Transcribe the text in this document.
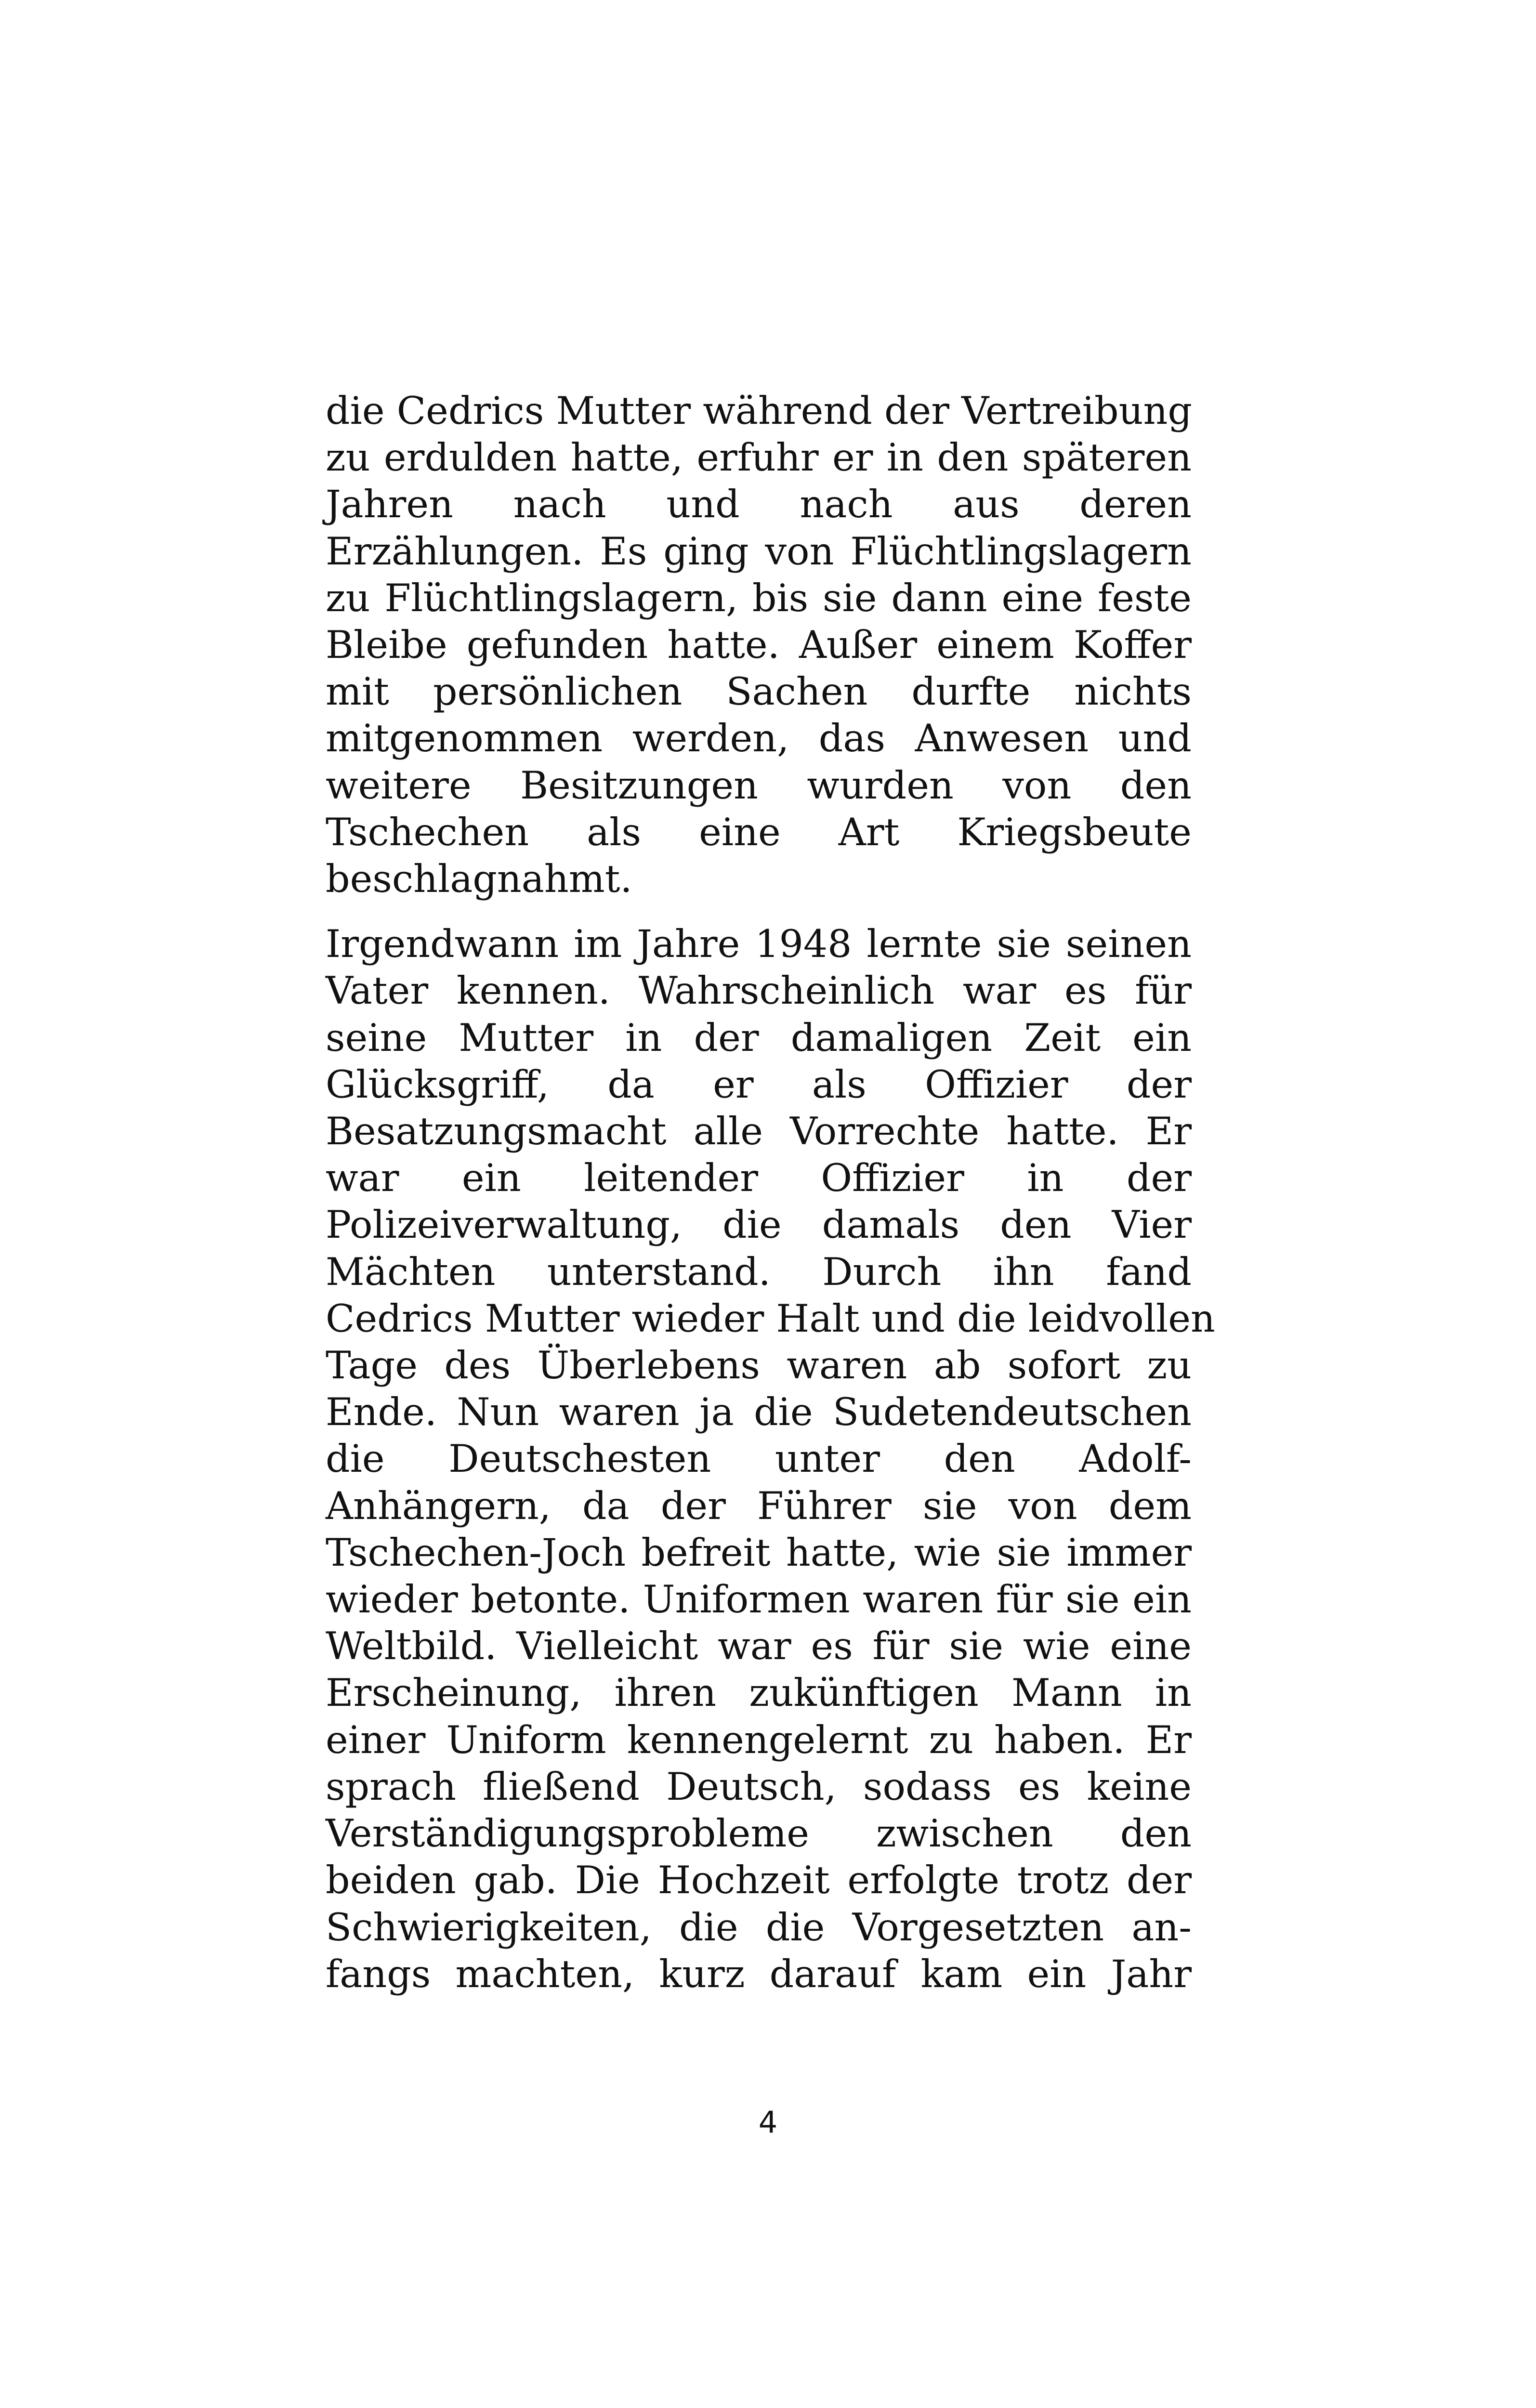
die Cedrics Mutter während der Vertreibung
zu erdulden hatte, erfuhr er in den späteren
Jahren nach und nach aus deren
Erzählungen. Es ging von Flüchtlingslagern
zu Flüchtlingslagern, bis sie dann eine feste
Bleibe gefunden hatte. Außer einem Koffer
mit persönlichen Sachen durfte nichts
mitgenommen werden, das Anwesen und
weitere Besitzungen wurden von den
Tschechen als eine Art Kriegsbeute
beschlagnahmt.

Irgendwann im Jahre 1948 lernte sie seinen
Vater kennen. Wahrscheinlich war es für
seine Mutter in der damaligen Zeit ein
Glücksgriff, da er als Offizier der
Besatzungsmacht alle Vorrechte hatte. Er
war ein leitender Offizier in der
Polizeiverwaltung, die damals den Vier
Mächten unterstand. Durch ihn fand
Cedrics Mutter wieder Halt und die leidvollen
Tage des Überlebens waren ab sofort zu
Ende. Nun waren ja die Sudetendeutschen
die Deutschesten unter den Adolf-
Anhängern, da der Führer sie von dem
Tschechen-Joch befreit hatte, wie sie immer
wieder betonte. Uniformen waren für sie ein
Weltbild. Vielleicht war es für sie wie eine
Erscheinung, ihren zukünftigen Mann in
einer Uniform kennengelernt zu haben. Er
sprach fließend Deutsch, sodass es keine
Verständigungsprobleme zwischen den
beiden gab. Die Hochzeit erfolgte trotz der
Schwierigkeiten, die die Vorgesetzten an-
fangs machten, kurz darauf kam ein Jahr

4
